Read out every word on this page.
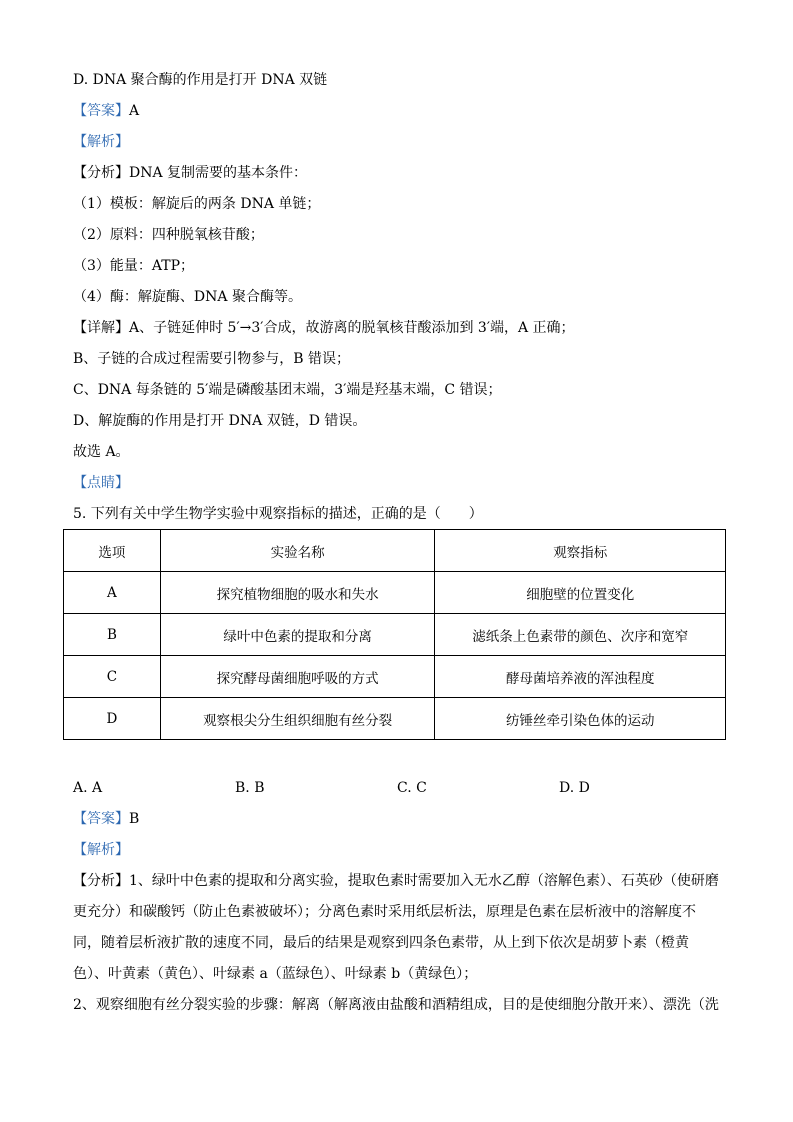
D. DNA 聚合酶的作用是打开 DNA 双链
【答案】A
【解析】
【分析】DNA 复制需要的基本条件：
（1）模板：解旋后的两条 DNA 单链；
（2）原料：四种脱氧核苷酸；
（3）能量：ATP；
（4）酶：解旋酶、DNA 聚合酶等。
【详解】A、子链延伸时 5′→3′合成，故游离的脱氧核苷酸添加到 3′端，A 正确；
B、子链的合成过程需要引物参与，B 错误；
C、DNA 每条链的 5′端是磷酸基团末端，3′端是羟基末端，C 错误；
D、解旋酶的作用是打开 DNA 双链，D 错误。
故选 A。
【点睛】
5. 下列有关中学生物学实验中观察指标的描述，正确的是（　　）
选项	实验名称	观察指标
A	探究植物细胞的吸水和失水	细胞壁的位置变化
B	绿叶中色素的提取和分离	滤纸条上色素带的颜色、次序和宽窄
C	探究酵母菌细胞呼吸的方式	酵母菌培养液的浑浊程度
D	观察根尖分生组织细胞有丝分裂	纺锤丝牵引染色体的运动
A. A	B. B	C. C	D. D
【答案】B
【解析】
【分析】1、绿叶中色素的提取和分离实验，提取色素时需要加入无水乙醇（溶解色素）、石英砂（使研磨更充分）和碳酸钙（防止色素被破坏）；分离色素时采用纸层析法，原理是色素在层析液中的溶解度不同，随着层析液扩散的速度不同，最后的结果是观察到四条色素带，从上到下依次是胡萝卜素（橙黄色）、叶黄素（黄色）、叶绿素 a（蓝绿色）、叶绿素 b（黄绿色）；
2、观察细胞有丝分裂实验的步骤：解离（解离液由盐酸和酒精组成，目的是使细胞分散开来）、漂洗（洗
